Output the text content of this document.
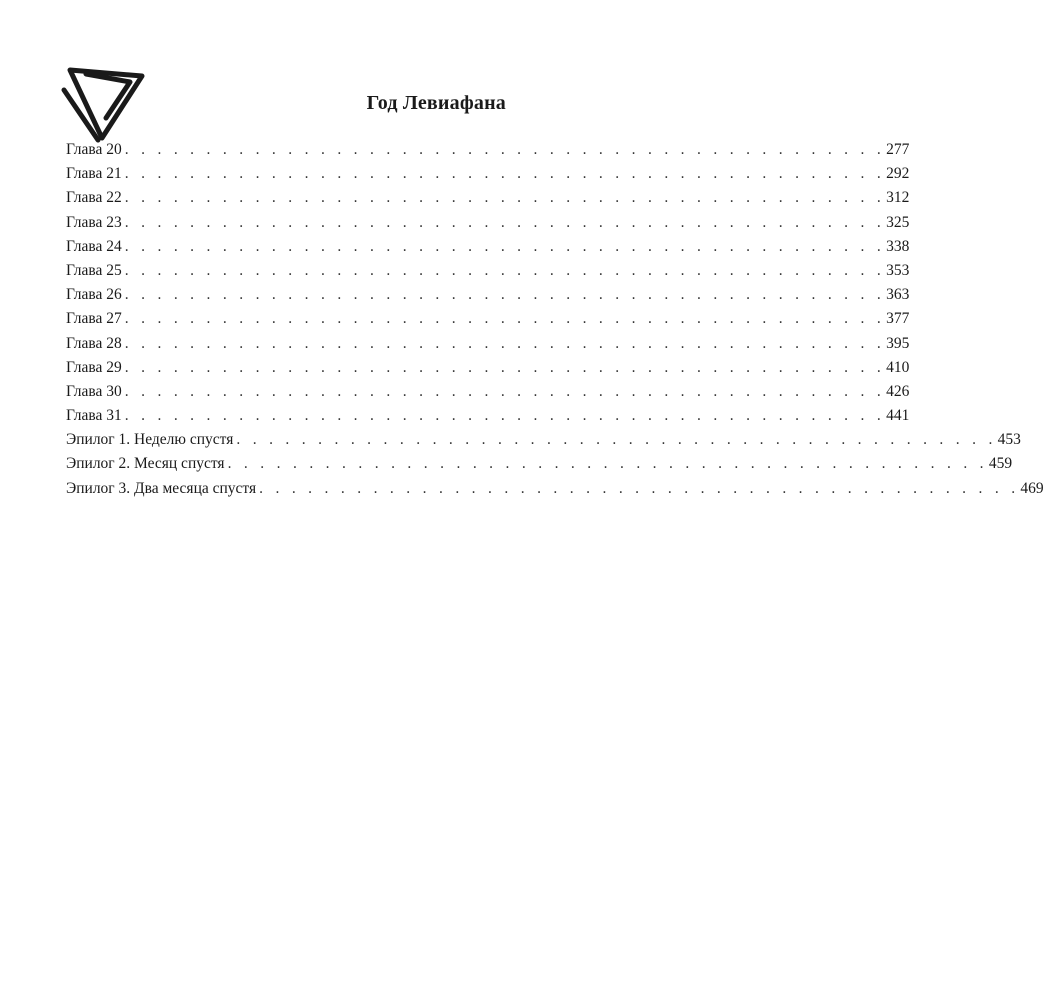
Год Левиафана
Глава 20 . . . . . . . . . . . . . . . . . . . . . . . . . . . . . . . . . . . . . . . . . . . . . . . 277
Глава 21 . . . . . . . . . . . . . . . . . . . . . . . . . . . . . . . . . . . . . . . . . . . . . . . 292
Глава 22 . . . . . . . . . . . . . . . . . . . . . . . . . . . . . . . . . . . . . . . . . . . . . . . 312
Глава 23 . . . . . . . . . . . . . . . . . . . . . . . . . . . . . . . . . . . . . . . . . . . . . . . 325
Глава 24 . . . . . . . . . . . . . . . . . . . . . . . . . . . . . . . . . . . . . . . . . . . . . . . 338
Глава 25 . . . . . . . . . . . . . . . . . . . . . . . . . . . . . . . . . . . . . . . . . . . . . . . 353
Глава 26 . . . . . . . . . . . . . . . . . . . . . . . . . . . . . . . . . . . . . . . . . . . . . . . 363
Глава 27 . . . . . . . . . . . . . . . . . . . . . . . . . . . . . . . . . . . . . . . . . . . . . . . 377
Глава 28 . . . . . . . . . . . . . . . . . . . . . . . . . . . . . . . . . . . . . . . . . . . . . . . 395
Глава 29 . . . . . . . . . . . . . . . . . . . . . . . . . . . . . . . . . . . . . . . . . . . . . . . 410
Глава 30 . . . . . . . . . . . . . . . . . . . . . . . . . . . . . . . . . . . . . . . . . . . . . . . 426
Глава 31 . . . . . . . . . . . . . . . . . . . . . . . . . . . . . . . . . . . . . . . . . . . . . . . 441
Эпилог 1. Неделю спустя . . . . . . . . . . . . . . . . . . . . . . . . . . . . . . . . . . . . . . . . . . . . . . . 453
Эпилог 2. Месяц спустя . . . . . . . . . . . . . . . . . . . . . . . . . . . . . . . . . . . . . . . . . . . . . . . 459
Эпилог 3. Два месяца спустя . . . . . . . . . . . . . . . . . . . . . . . . . . . . . . . . . . . . . . . . . . . . . . . 469
